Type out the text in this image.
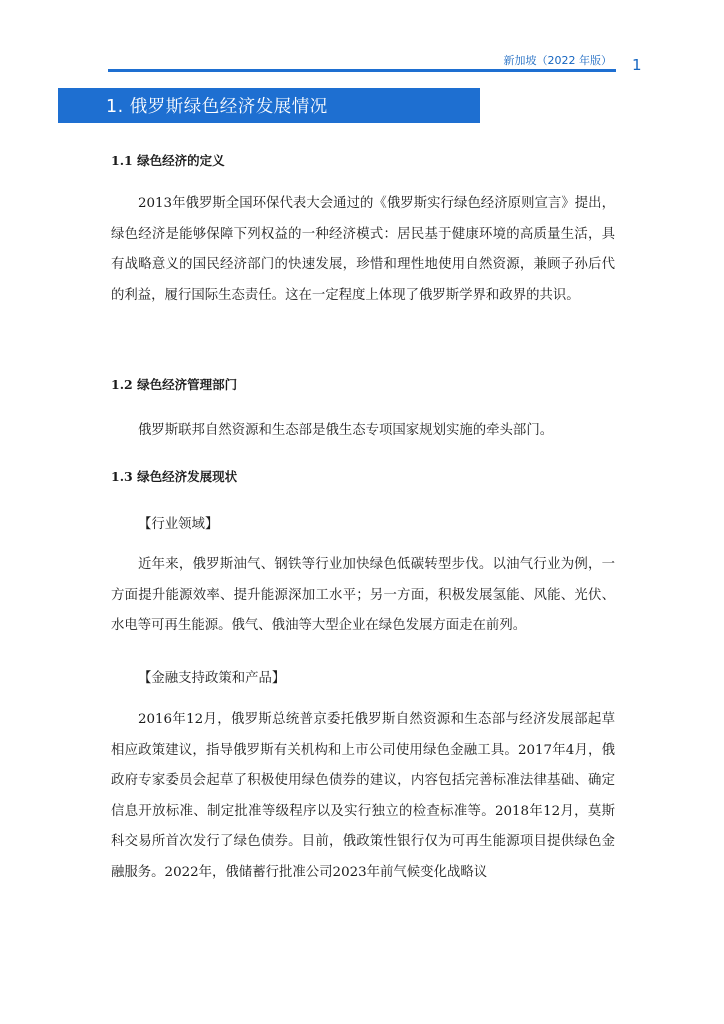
新加坡（2022 年版） 1
1. 俄罗斯绿色经济发展情况
1.1 绿色经济的定义

2013年俄罗斯全国环保代表大会通过的《俄罗斯实行绿色经济原则宣言》提出，绿色经济是能够保障下列权益的一种经济模式：居民基于健康环境的高质量生活，具有战略意义的国民经济部门的快速发展，珍惜和理性地使用自然资源，兼顾子孙后代的利益，履行国际生态责任。这在一定程度上体现了俄罗斯学界和政界的共识。

1.2 绿色经济管理部门

俄罗斯联邦自然资源和生态部是俄生态专项国家规划实施的牵头部门。

1.3 绿色经济发展现状
【行业领域】

近年来，俄罗斯油气、钢铁等行业加快绿色低碳转型步伐。以油气行业为例，一方面提升能源效率、提升能源深加工水平；另一方面，积极发展氢能、风能、光伏、水电等可再生能源。俄气、俄油等大型企业在绿色发展方面走在前列。

【金融支持政策和产品】

2016年12月，俄罗斯总统普京委托俄罗斯自然资源和生态部与经济发展部起草相应政策建议，指导俄罗斯有关机构和上市公司使用绿色金融工具。2017年4月，俄政府专家委员会起草了积极使用绿色债券的建议，内容包括完善标准法律基础、确定信息开放标准、制定批准等级程序以及实行独立的检查标准等。2018年12月，莫斯科交易所首次发行了绿色债券。目前，俄政策性银行仅为可再生能源项目提供绿色金融服务。2022年，俄储蓄行批准公司2023年前气候变化战略议
